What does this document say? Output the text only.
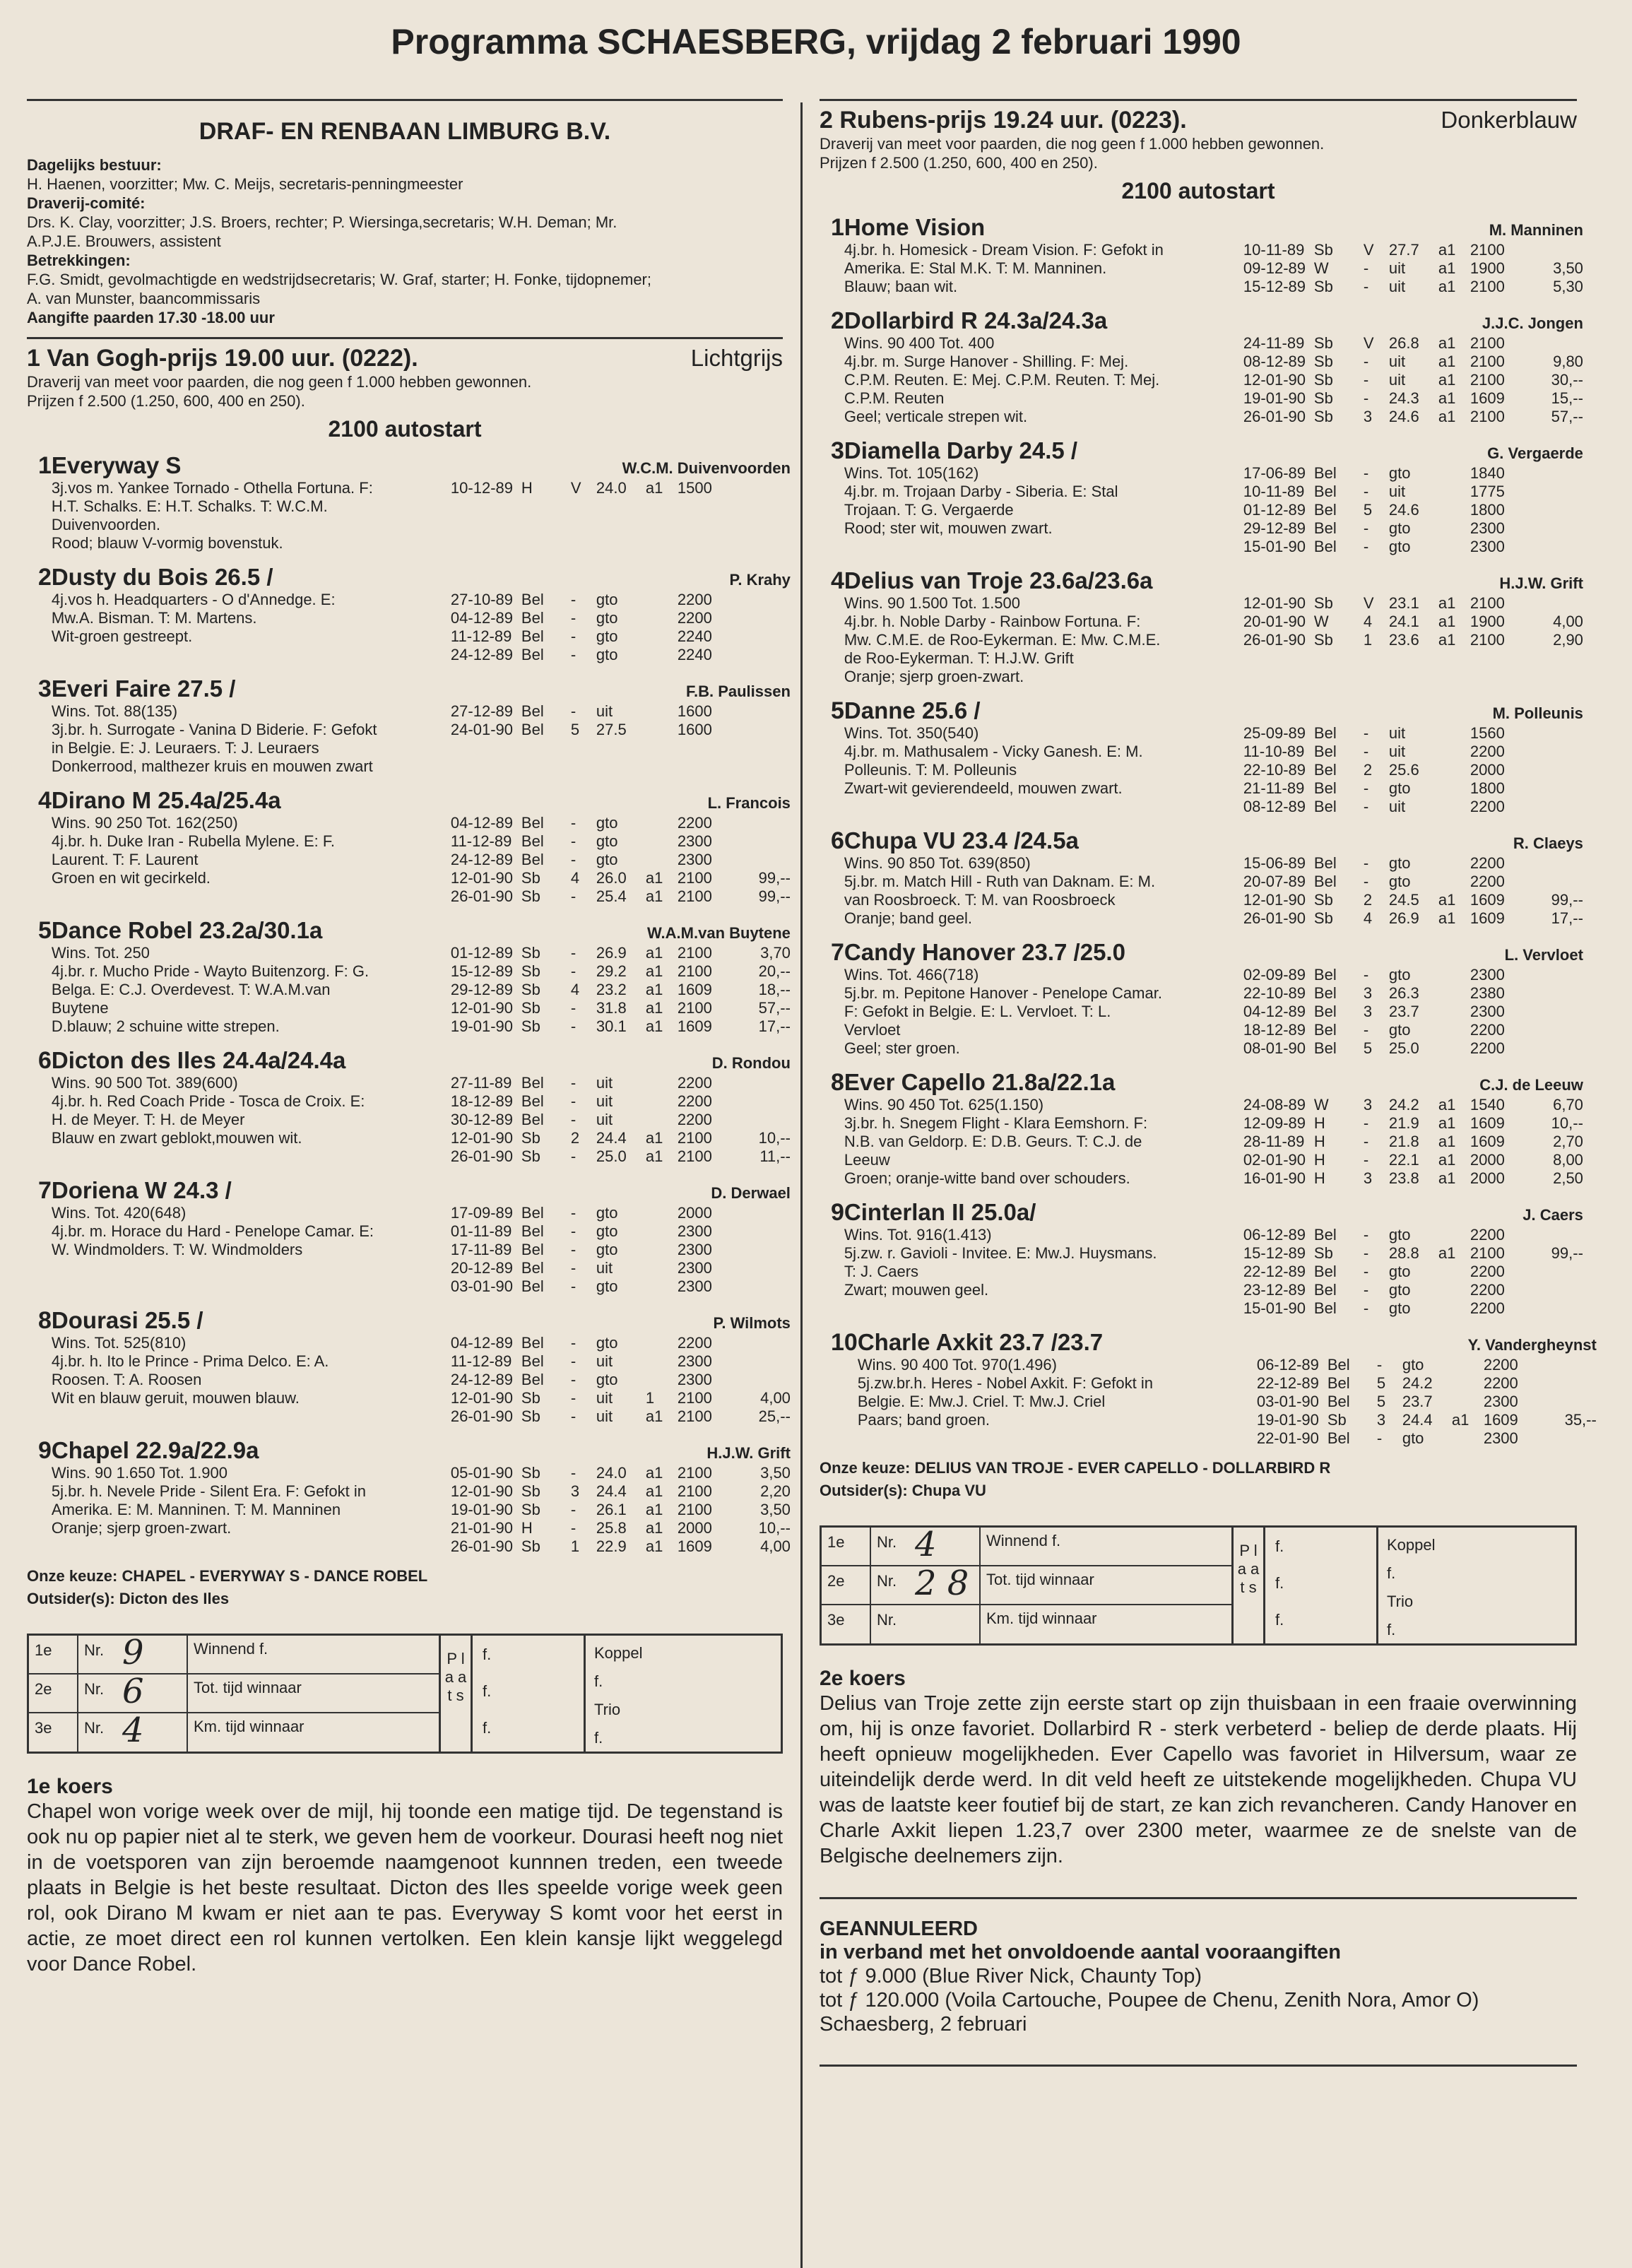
Programma SCHAESBERG, vrijdag 2 februari 1990
DRAF- EN RENBAAN LIMBURG B.V.
Dagelijks bestuur:
H. Haenen, voorzitter; Mw. C. Meijs, secretaris-penningmeester
Draverij-comité:
Drs. K. Clay, voorzitter; J.S. Broers, rechter; P. Wiersinga,secretaris; W.H. Deman; Mr.
A.P.J.E. Brouwers, assistent
Betrekkingen:
F.G. Smidt, gevolmachtigde en wedstrijdsecretaris; W. Graf, starter; H. Fonke, tijdopnemer;
A. van Munster, baancommissaris
Aangifte paarden 17.30 -18.00 uur
1 Van Gogh-prijs 19.00 uur. (0222).	Lichtgrijs
Draverij van meet voor paarden, die nog geen f 1.000 hebben gewonnen.
Prijzen f 2.500 (1.250, 600, 400 en 250).
2100 autostart
1 Everyway S	W.C.M. Duivenvoorden
3j.vos m. Yankee Tornado - Othella Fortuna. F:
H.T. Schalks. E: H.T. Schalks. T: W.C.M.
Duivenvoorden.
Rood; blauw V-vormig bovenstuk.
10-12-89 H	V 24.0	a1 1500
2 Dusty du Bois 26.5 /	P. Krahy
4j.vos h. Headquarters - O d'Annedge. E:
Mw.A. Bisman. T: M. Martens.
Wit-groen gestreept.
27-10-89 Bel	-	gto	2200
04-12-89 Bel	-	gto	2200
11-12-89 Bel	-	gto	2240
24-12-89 Bel	-	gto	2240
3 Everi Faire 27.5 /	F.B. Paulissen
Wins. Tot. 88(135)
3j.br. h. Surrogate - Vanina D Biderie. F: Gefokt
in Belgie. E: J. Leuraers. T: J. Leuraers
Donkerrood, malthezer kruis en mouwen zwart
27-12-89 Bel	-	uit	1600
24-01-90 Bel	5	27.5	1600
4 Dirano M 25.4a/25.4a	L. Francois
Wins. 90 250 Tot. 162(250)
4j.br. h. Duke Iran - Rubella Mylene. E: F.
Laurent. T: F. Laurent
Groen en wit gecirkeld.
04-12-89 Bel	-	gto	2200
11-12-89 Bel	-	gto	2300
24-12-89 Bel	-	gto	2300
12-01-90 Sb	4	26.0	a1 2100	99,--
26-01-90 Sb	-	25.4	a1 2100	99,--
5 Dance Robel 23.2a/30.1a	W.A.M.van Buytene
Wins. Tot. 250
4j.br. r. Mucho Pride - Wayto Buitenzorg. F: G.
Belga. E: C.J. Overdevest. T: W.A.M.van
Buytene
D.blauw; 2 schuine witte strepen.
01-12-89 Sb	-	26.9	a1 2100	3,70
15-12-89 Sb	-	29.2	a1 2100	20,--
29-12-89 Sb	4	23.2	a1 1609	18,--
12-01-90 Sb	-	31.8	a1 2100	57,--
19-01-90 Sb	-	30.1	a1 1609	17,--
6 Dicton des Iles 24.4a/24.4a	D. Rondou
Wins. 90 500 Tot. 389(600)
4j.br. h. Red Coach Pride - Tosca de Croix. E:
H. de Meyer. T: H. de Meyer
Blauw en zwart geblokt,mouwen wit.
27-11-89 Bel	-	uit	2200
18-12-89 Bel	-	uit	2200
30-12-89 Bel	-	uit	2200
12-01-90 Sb	2	24.4	a1 2100	10,--
26-01-90 Sb	-	25.0	a1 2100	11,--
7 Doriena W 24.3 /	D. Derwael
Wins. Tot. 420(648)
4j.br. m. Horace du Hard - Penelope Camar. E:
W. Windmolders. T: W. Windmolders
17-09-89 Bel	-	gto	2000
01-11-89 Bel	-	gto	2300
17-11-89 Bel	-	gto	2300
20-12-89 Bel	-	uit	2300
03-01-90 Bel	-	gto	2300
8 Dourasi 25.5 /	P. Wilmots
Wins. Tot. 525(810)
4j.br. h. Ito le Prince - Prima Delco. E: A.
Roosen. T: A. Roosen
Wit en blauw geruit, mouwen blauw.
04-12-89 Bel	-	gto	2200
11-12-89 Bel	-	uit	2300
24-12-89 Bel	-	gto	2300
12-01-90 Sb	-	uit	1	2100	4,00
26-01-90 Sb	-	uit	a1 2100	25,--
9 Chapel 22.9a/22.9a	H.J.W. Grift
Wins. 90 1.650 Tot. 1.900
5j.br. h. Nevele Pride - Silent Era. F: Gefokt in
Amerika. E: M. Manninen. T: M. Manninen
Oranje; sjerp groen-zwart.
05-01-90 Sb	-	24.0	a1 2100	3,50
12-01-90 Sb	3	24.4	a1 2100	2,20
19-01-90 Sb	-	26.1	a1 2100	3,50
21-01-90 H	-	25.8	a1 2000	10,--
26-01-90 Sb	1	22.9	a1 1609	4,00
Onze keuze: CHAPEL - EVERYWAY S - DANCE ROBEL
Outsider(s): Dicton des Iles
1e	Nr. 9	Winnend f.
2e	Nr. 6	Tot. tijd winnaar
3e	Nr. 4	Km. tijd winnaar
P l a a t s
f.
f.
f.
Koppel
f.
Trio
f.
1e koers

Chapel won vorige week over de mijl, hij toonde een matige tijd. De tegenstand is ook nu op papier niet al te sterk, we geven hem de voorkeur. Dourasi heeft nog niet in de voetsporen van zijn beroemde naamgenoot kunnnen treden, een tweede plaats in Belgie is het beste resultaat. Dicton des Iles speelde vorige week geen rol, ook Dirano M kwam er niet aan te pas. Everyway S komt voor het eerst in actie, ze moet direct een rol kunnen vertolken. Een klein kansje lijkt weggelegd voor Dance Robel.

2 Rubens-prijs 19.24 uur. (0223).	Donkerblauw
Draverij van meet voor paarden, die nog geen f 1.000 hebben gewonnen.
Prijzen f 2.500 (1.250, 600, 400 en 250).
2100 autostart
1 Home Vision	M. Manninen
4j.br. h. Homesick - Dream Vision. F: Gefokt in
Amerika. E: Stal M.K. T: M. Manninen.
Blauw; baan wit.
10-11-89 Sb	V 27.7	a1 2100
09-12-89 W	-	uit	a1 1900	3,50
15-12-89 Sb	-	uit	a1 2100	5,30
2 Dollarbird R 24.3a/24.3a	J.J.C. Jongen
Wins. 90 400 Tot. 400
4j.br. m. Surge Hanover - Shilling. F: Mej.
C.P.M. Reuten. E: Mej. C.P.M. Reuten. T: Mej.
C.P.M. Reuten
Geel; verticale strepen wit.
24-11-89 Sb	V 26.8	a1 2100
08-12-89 Sb	-	uit	a1 2100	9,80
12-01-90 Sb	-	uit	a1 2100	30,--
19-01-90 Sb	-	24.3	a1 1609	15,--
26-01-90 Sb	3	24.6	a1 2100	57,--
3 Diamella Darby 24.5 /	G. Vergaerde
Wins. Tot. 105(162)
4j.br. m. Trojaan Darby - Siberia. E: Stal
Trojaan. T: G. Vergaerde
Rood; ster wit, mouwen zwart.
17-06-89 Bel	-	gto	1840
10-11-89 Bel	-	uit	1775
01-12-89 Bel	5	24.6	1800
29-12-89 Bel	-	gto	2300
15-01-90 Bel	-	gto	2300
4 Delius van Troje 23.6a/23.6a	H.J.W. Grift
Wins. 90 1.500 Tot. 1.500
4j.br. h. Noble Darby - Rainbow Fortuna. F:
Mw. C.M.E. de Roo-Eykerman. E: Mw. C.M.E.
de Roo-Eykerman. T: H.J.W. Grift
Oranje; sjerp groen-zwart.
12-01-90 Sb	V 23.1	a1 2100
20-01-90 W	4	24.1	a1 1900	4,00
26-01-90 Sb	1	23.6	a1 2100	2,90
5 Danne 25.6 /	M. Polleunis
Wins. Tot. 350(540)
4j.br. m. Mathusalem - Vicky Ganesh. E: M.
Polleunis. T: M. Polleunis
Zwart-wit gevierendeeld, mouwen zwart.
25-09-89 Bel	-	uit	1560
11-10-89 Bel	-	uit	2200
22-10-89 Bel	2	25.6	2000
21-11-89 Bel	-	gto	1800
08-12-89 Bel	-	uit	2200
6 Chupa VU 23.4 /24.5a	R. Claeys
Wins. 90 850 Tot. 639(850)
5j.br. m. Match Hill - Ruth van Daknam. E: M.
van Roosbroeck. T: M. van Roosbroeck
Oranje; band geel.
15-06-89 Bel	-	gto	2200
20-07-89 Bel	-	gto	2200
12-01-90 Sb	2	24.5	a1 1609	99,--
26-01-90 Sb	4	26.9	a1 1609	17,--
7 Candy Hanover 23.7 /25.0	L. Vervloet
Wins. Tot. 466(718)
5j.br. m. Pepitone Hanover - Penelope Camar.
F: Gefokt in Belgie. E: L. Vervloet. T: L.
Vervloet
Geel; ster groen.
02-09-89 Bel	-	gto	2300
22-10-89 Bel	3	26.3	2380
04-12-89 Bel	3	23.7	2300
18-12-89 Bel	-	gto	2200
08-01-90 Bel	5	25.0	2200
8 Ever Capello 21.8a/22.1a	C.J. de Leeuw
Wins. 90 450 Tot. 625(1.150)
3j.br. h. Snegem Flight - Klara Eemshorn. F:
N.B. van Geldorp. E: D.B. Geurs. T: C.J. de
Leeuw
Groen; oranje-witte band over schouders.
24-08-89 W	3	24.2	a1 1540	6,70
12-09-89 H	-	21.9	a1 1609	10,--
28-11-89 H	-	21.8	a1 1609	2,70
02-01-90 H	-	22.1	a1 2000	8,00
16-01-90 H	3	23.8	a1 2000	2,50
9 Cinterlan II 25.0a/	J. Caers
Wins. Tot. 916(1.413)
5j.zw. r. Gavioli - Invitee. E: Mw.J. Huysmans.
T: J. Caers
Zwart; mouwen geel.
06-12-89 Bel	-	gto	2200
15-12-89 Sb	-	28.8	a1 2100	99,--
22-12-89 Bel	-	gto	2200
23-12-89 Bel	-	gto	2200
15-01-90 Bel	-	gto	2200
10 Charle Axkit 23.7 /23.7	Y. Vandergheynst
Wins. 90 400 Tot. 970(1.496)
5j.zw.br.h. Heres - Nobel Axkit. F: Gefokt in
Belgie. E: Mw.J. Criel. T: Mw.J. Criel
Paars; band groen.
06-12-89 Bel	-	gto	2200
22-12-89 Bel	5	24.2	2200
03-01-90 Bel	5	23.7	2300
19-01-90 Sb	3	24.4	a1 1609	35,--
22-01-90 Bel	-	gto	2300
Onze keuze: DELIUS VAN TROJE - EVER CAPELLO - DOLLARBIRD R
Outsider(s): Chupa VU
1e	Nr. 4	Winnend f.
2e	Nr. 2 8	Tot. tijd winnaar
3e	Nr.	Km. tijd winnaar
P l a a t s
f.
f.
f.
Koppel
f.
Trio
f.
2e koers

Delius van Troje zette zijn eerste start op zijn thuisbaan in een fraaie overwinning om, hij is onze favoriet. Dollarbird R - sterk verbeterd - beliep de derde plaats. Hij heeft opnieuw mogelijkheden. Ever Capello was favoriet in Hilversum, waar ze uiteindelijk derde werd. In dit veld heeft ze uitstekende mogelijkheden. Chupa VU was de laatste keer foutief bij de start, ze kan zich revancheren. Candy Hanover en Charle Axkit liepen 1.23,7 over 2300 meter, waarmee ze de snelste van de Belgische deelnemers zijn.

GEANNULEERD
in verband met het onvoldoende aantal vooraangiften

tot ƒ 9.000 (Blue River Nick, Chaunty Top)

tot ƒ 120.000 (Voila Cartouche, Poupee de Chenu, Zenith Nora, Amor O)

Schaesberg, 2 februari
